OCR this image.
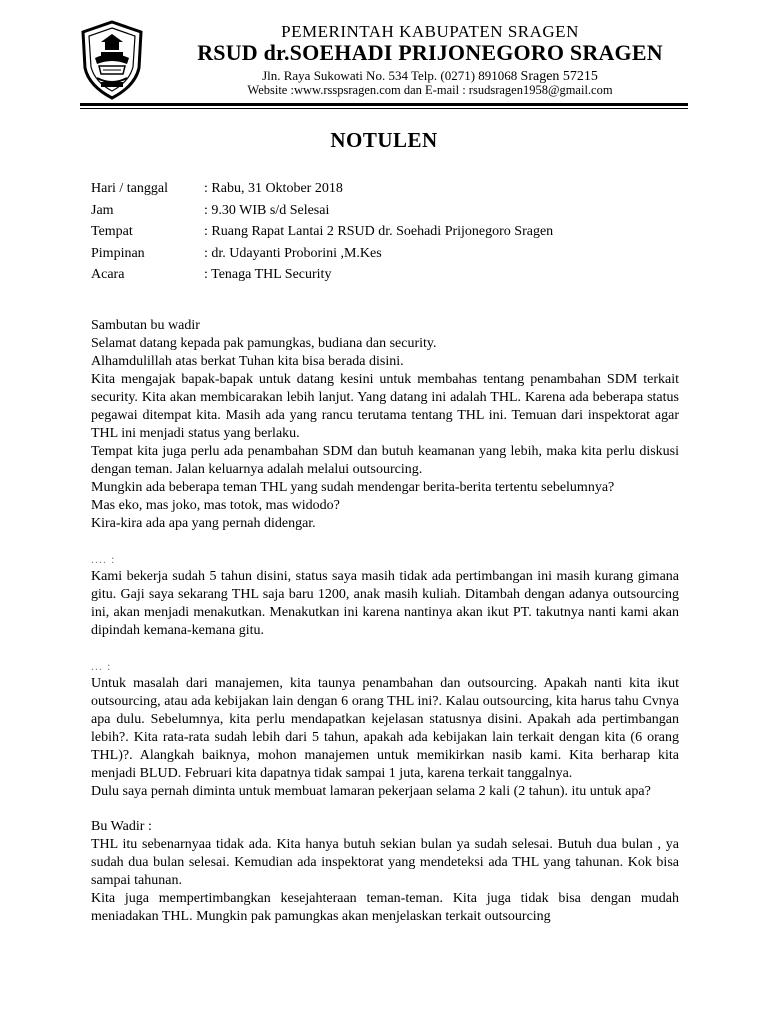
PEMERINTAH KABUPATEN SRAGEN
RSUD dr.SOEHADI PRIJONEGORO SRAGEN
Jln. Raya Sukowati No. 534 Telp. (0271) 891068 Sragen 57215
Website :www.rsspsragen.com dan E-mail : rsudsragen1958@gmail.com
NOTULEN
Hari / tanggal	: Rabu, 31 Oktober 2018
Jam	: 9.30 WIB s/d Selesai
Tempat	: Ruang Rapat Lantai 2 RSUD dr. Soehadi Prijonegoro Sragen
Pimpinan	: dr. Udayanti Proborini ,M.Kes
Acara	: Tenaga THL Security

Sambutan bu wadir

Selamat datang kepada pak pamungkas, budiana dan security.

Alhamdulillah atas berkat Tuhan kita bisa berada disini.

Kita mengajak bapak-bapak untuk datang kesini untuk membahas tentang penambahan SDM terkait security. Kita akan membicarakan lebih lanjut. Yang datang ini adalah THL. Karena ada beberapa status pegawai ditempat kita. Masih ada yang rancu terutama tentang THL ini. Temuan dari inspektorat agar THL ini menjadi status yang berlaku.

Tempat kita juga perlu ada penambahan SDM dan butuh keamanan yang lebih, maka kita perlu diskusi dengan teman. Jalan keluarnya adalah melalui outsourcing.

Mungkin ada beberapa teman THL yang sudah mendengar berita-berita tertentu sebelumnya?

Mas eko, mas joko, mas totok, mas widodo?

Kira-kira ada apa yang pernah didengar.

.... :

Kami bekerja sudah 5 tahun disini, status saya masih tidak ada pertimbangan ini masih kurang gimana gitu. Gaji saya sekarang THL saja baru 1200, anak masih kuliah. Ditambah dengan adanya outsourcing ini, akan menjadi menakutkan. Menakutkan ini karena nantinya akan ikut PT. takutnya nanti kami akan dipindah kemana-kemana gitu.

... :

Untuk masalah dari manajemen, kita taunya penambahan dan outsourcing. Apakah nanti kita ikut outsourcing, atau ada kebijakan lain dengan 6 orang THL ini?. Kalau outsourcing, kita harus tahu Cvnya apa dulu. Sebelumnya, kita perlu mendapatkan kejelasan statusnya disini. Apakah ada pertimbangan lebih?. Kita rata-rata sudah lebih dari 5 tahun, apakah ada kebijakan lain terkait dengan kita (6 orang THL)?. Alangkah baiknya, mohon manajemen untuk memikirkan nasib kami. Kita berharap kita menjadi BLUD. Februari kita dapatnya tidak sampai 1 juta, karena terkait tanggalnya.

Dulu saya pernah diminta untuk membuat lamaran pekerjaan selama 2 kali (2 tahun). itu untuk apa?

Bu Wadir :

THL itu sebenarnyaa tidak ada. Kita hanya butuh sekian bulan ya sudah selesai. Butuh dua bulan , ya sudah dua bulan selesai. Kemudian ada inspektorat yang mendeteksi ada THL yang tahunan. Kok bisa sampai tahunan.

Kita juga mempertimbangkan kesejahteraan teman-teman. Kita juga tidak bisa dengan mudah meniadakan THL. Mungkin pak pamungkas akan menjelaskan terkait outsourcing
